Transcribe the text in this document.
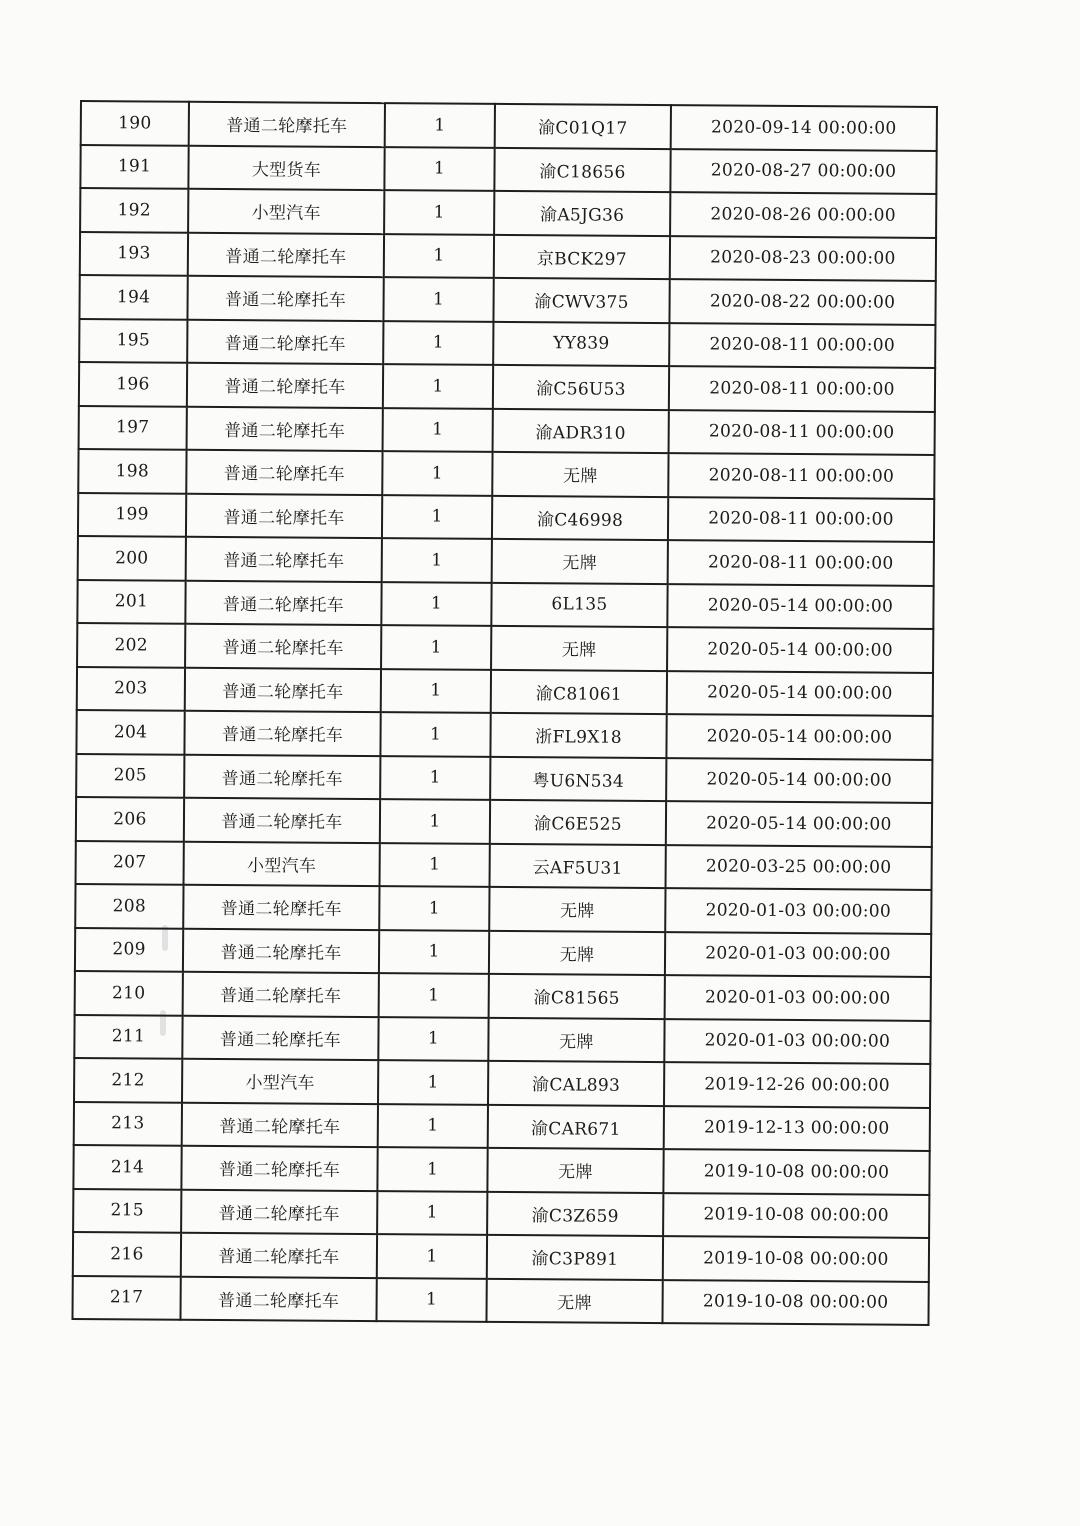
190	普通二轮摩托车	1	渝C01Q17	2020-09-14 00:00:00
191	大型货车	1	渝C18656	2020-08-27 00:00:00
192	小型汽车	1	渝A5JG36	2020-08-26 00:00:00
193	普通二轮摩托车	1	京BCK297	2020-08-23 00:00:00
194	普通二轮摩托车	1	渝CWV375	2020-08-22 00:00:00
195	普通二轮摩托车	1	YY839	2020-08-11 00:00:00
196	普通二轮摩托车	1	渝C56U53	2020-08-11 00:00:00
197	普通二轮摩托车	1	渝ADR310	2020-08-11 00:00:00
198	普通二轮摩托车	1	无牌	2020-08-11 00:00:00
199	普通二轮摩托车	1	渝C46998	2020-08-11 00:00:00
200	普通二轮摩托车	1	无牌	2020-08-11 00:00:00
201	普通二轮摩托车	1	6L135	2020-05-14 00:00:00
202	普通二轮摩托车	1	无牌	2020-05-14 00:00:00
203	普通二轮摩托车	1	渝C81061	2020-05-14 00:00:00
204	普通二轮摩托车	1	浙FL9X18	2020-05-14 00:00:00
205	普通二轮摩托车	1	粤U6N534	2020-05-14 00:00:00
206	普通二轮摩托车	1	渝C6E525	2020-05-14 00:00:00
207	小型汽车	1	云AF5U31	2020-03-25 00:00:00
208	普通二轮摩托车	1	无牌	2020-01-03 00:00:00
209	普通二轮摩托车	1	无牌	2020-01-03 00:00:00
210	普通二轮摩托车	1	渝C81565	2020-01-03 00:00:00
211	普通二轮摩托车	1	无牌	2020-01-03 00:00:00
212	小型汽车	1	渝CAL893	2019-12-26 00:00:00
213	普通二轮摩托车	1	渝CAR671	2019-12-13 00:00:00
214	普通二轮摩托车	1	无牌	2019-10-08 00:00:00
215	普通二轮摩托车	1	渝C3Z659	2019-10-08 00:00:00
216	普通二轮摩托车	1	渝C3P891	2019-10-08 00:00:00
217	普通二轮摩托车	1	无牌	2019-10-08 00:00:00
